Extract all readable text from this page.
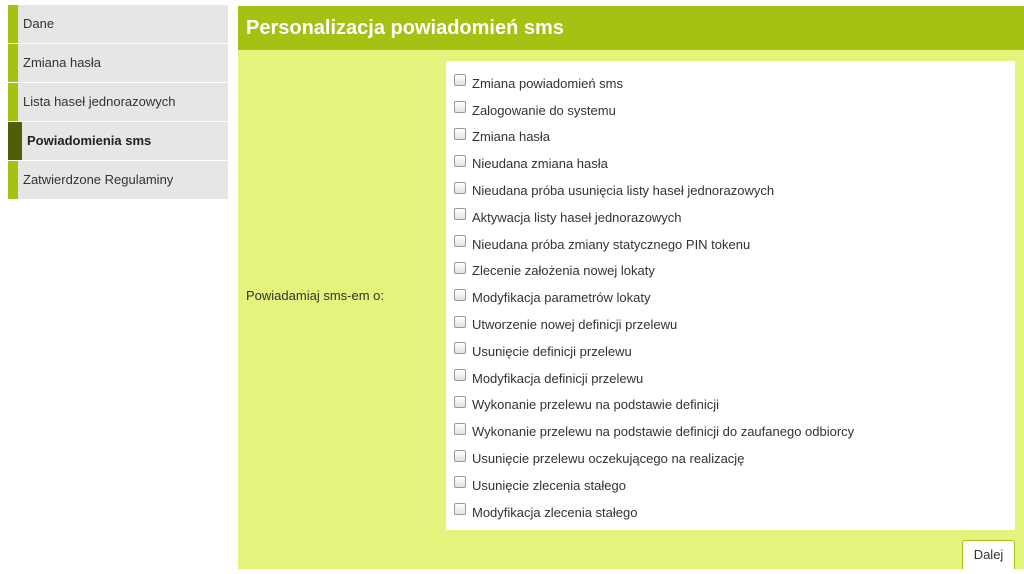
Dane
Zmiana hasła
Lista haseł jednorazowych
Powiadomienia sms
Zatwierdzone Regulaminy
Personalizacja powiadomień sms
Powiadamiaj sms-em o:
Zmiana powiadomień sms
Zalogowanie do systemu
Zmiana hasła
Nieudana zmiana hasła
Nieudana próba usunięcia listy haseł jednorazowych
Aktywacja listy haseł jednorazowych
Nieudana próba zmiany statycznego PIN tokenu
Zlecenie założenia nowej lokaty
Modyfikacja parametrów lokaty
Utworzenie nowej definicji przelewu
Usunięcie definicji przelewu
Modyfikacja definicji przelewu
Wykonanie przelewu na podstawie definicji
Wykonanie przelewu na podstawie definicji do zaufanego odbiorcy
Usunięcie przelewu oczekującego na realizację
Usunięcie zlecenia stałego
Modyfikacja zlecenia stałego
Dalej
